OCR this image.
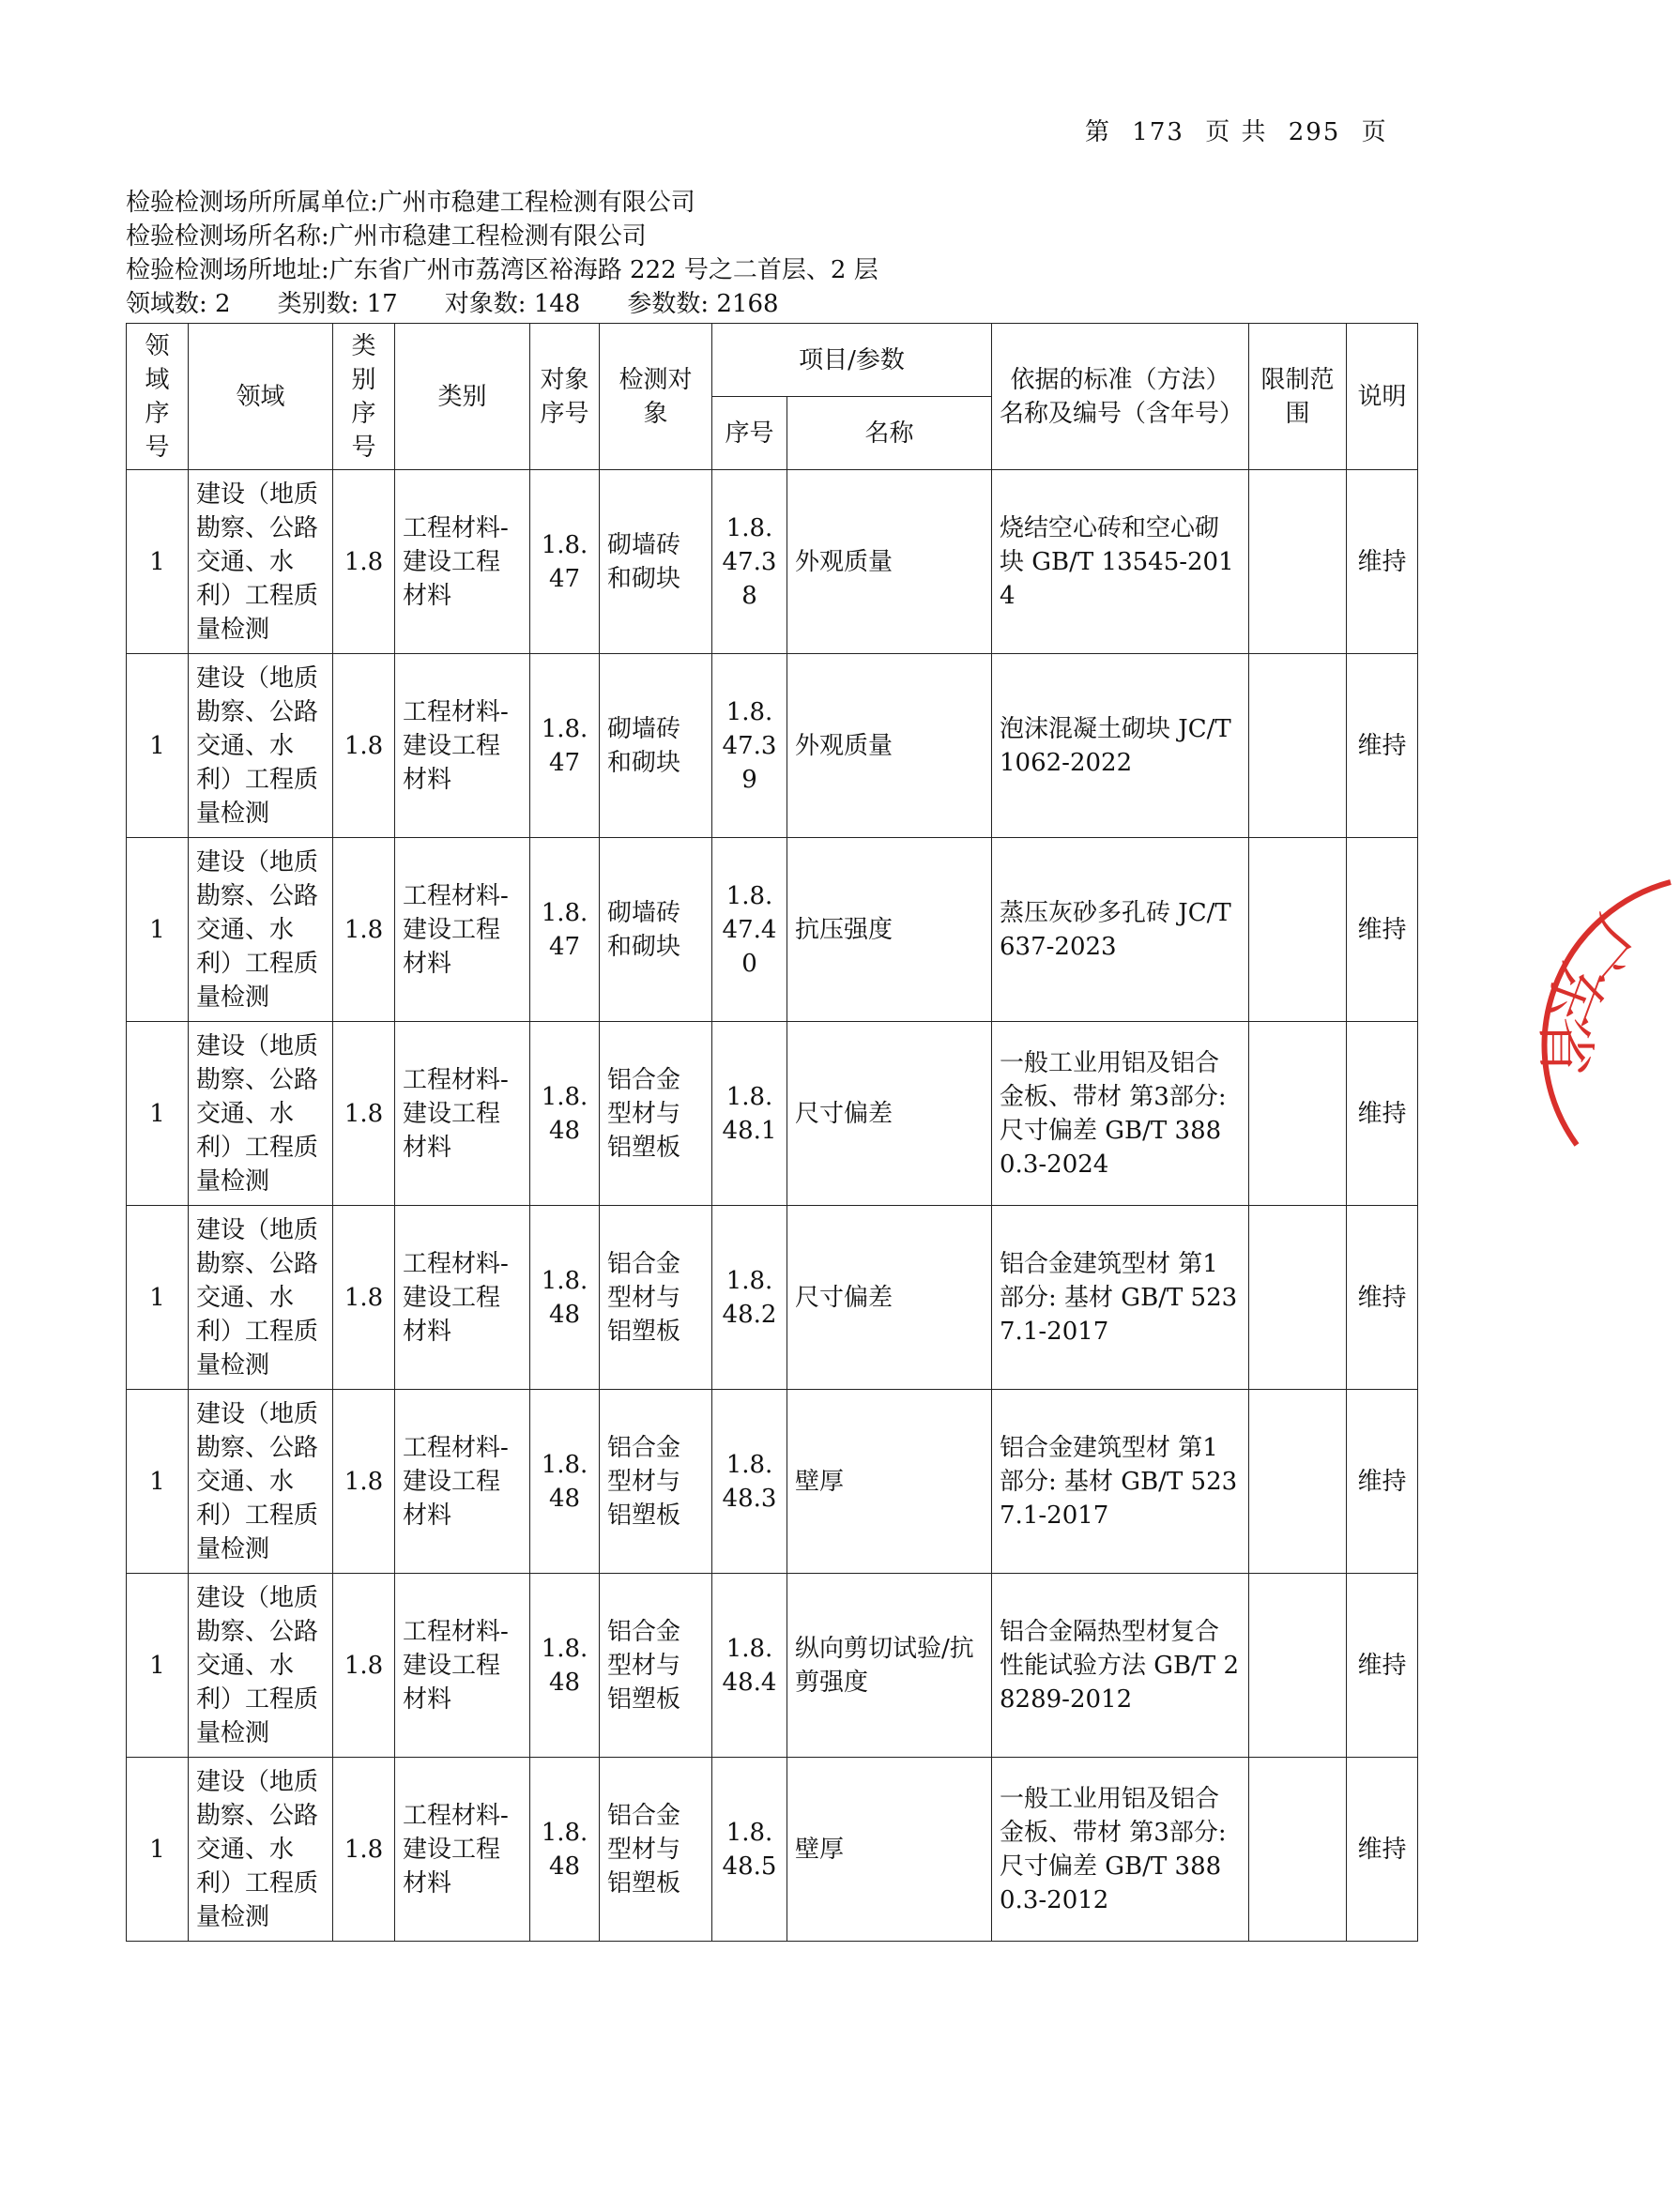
第 173 页 共 295 页
检验检测场所所属单位:广州市稳建工程检测有限公司
检验检测场所名称:广州市稳建工程检测有限公司
检验检测场所地址:广东省广州市荔湾区裕海路 222 号之二首层、2 层
领域数: 2 类别数: 17 对象数: 148 参数数: 2168
领域序号	领域	类别序号	类别	对象序号	检测对象	项目/参数		依据的标准（方法）名称及编号（含年号）	限制范围	说明
						序号	名称			
1	建设（地质勘察、公路交通、水利）工程质量检测	1.8	工程材料-建设工程材料	1.8.47	砌墙砖和砌块	1.8.47.38	外观质量	烧结空心砖和空心砌块 GB/T 13545-2014		维持
1	建设（地质勘察、公路交通、水利）工程质量检测	1.8	工程材料-建设工程材料	1.8.47	砌墙砖和砌块	1.8.47.39	外观质量	泡沫混凝土砌块 JC/T 1062-2022		维持
1	建设（地质勘察、公路交通、水利）工程质量检测	1.8	工程材料-建设工程材料	1.8.47	砌墙砖和砌块	1.8.47.40	抗压强度	蒸压灰砂多孔砖 JC/T 637-2023		维持
1	建设（地质勘察、公路交通、水利）工程质量检测	1.8	工程材料-建设工程材料	1.8.48	铝合金型材与铝塑板	1.8.48.1	尺寸偏差	一般工业用铝及铝合金板、带材 第3部分: 尺寸偏差 GB/T 3880.3-2024		维持
1	建设（地质勘察、公路交通、水利）工程质量检测	1.8	工程材料-建设工程材料	1.8.48	铝合金型材与铝塑板	1.8.48.2	尺寸偏差	铝合金建筑型材 第1部分: 基材 GB/T 5237.1-2017		维持
1	建设（地质勘察、公路交通、水利）工程质量检测	1.8	工程材料-建设工程材料	1.8.48	铝合金型材与铝塑板	1.8.48.3	壁厚	铝合金建筑型材 第1部分: 基材 GB/T 5237.1-2017		维持
1	建设（地质勘察、公路交通、水利）工程质量检测	1.8	工程材料-建设工程材料	1.8.48	铝合金型材与铝塑板	1.8.48.4	纵向剪切试验/抗剪强度	铝合金隔热型材复合性能试验方法 GB/T 28289-2012		维持
1	建设（地质勘察、公路交通、水利）工程质量检测	1.8	工程材料-建设工程材料	1.8.48	铝合金型材与铝塑板	1.8.48.5	壁厚	一般工业用铝及铝合金板、带材 第3部分: 尺寸偏差 GB/T 3880.3-2012		维持
广东省
